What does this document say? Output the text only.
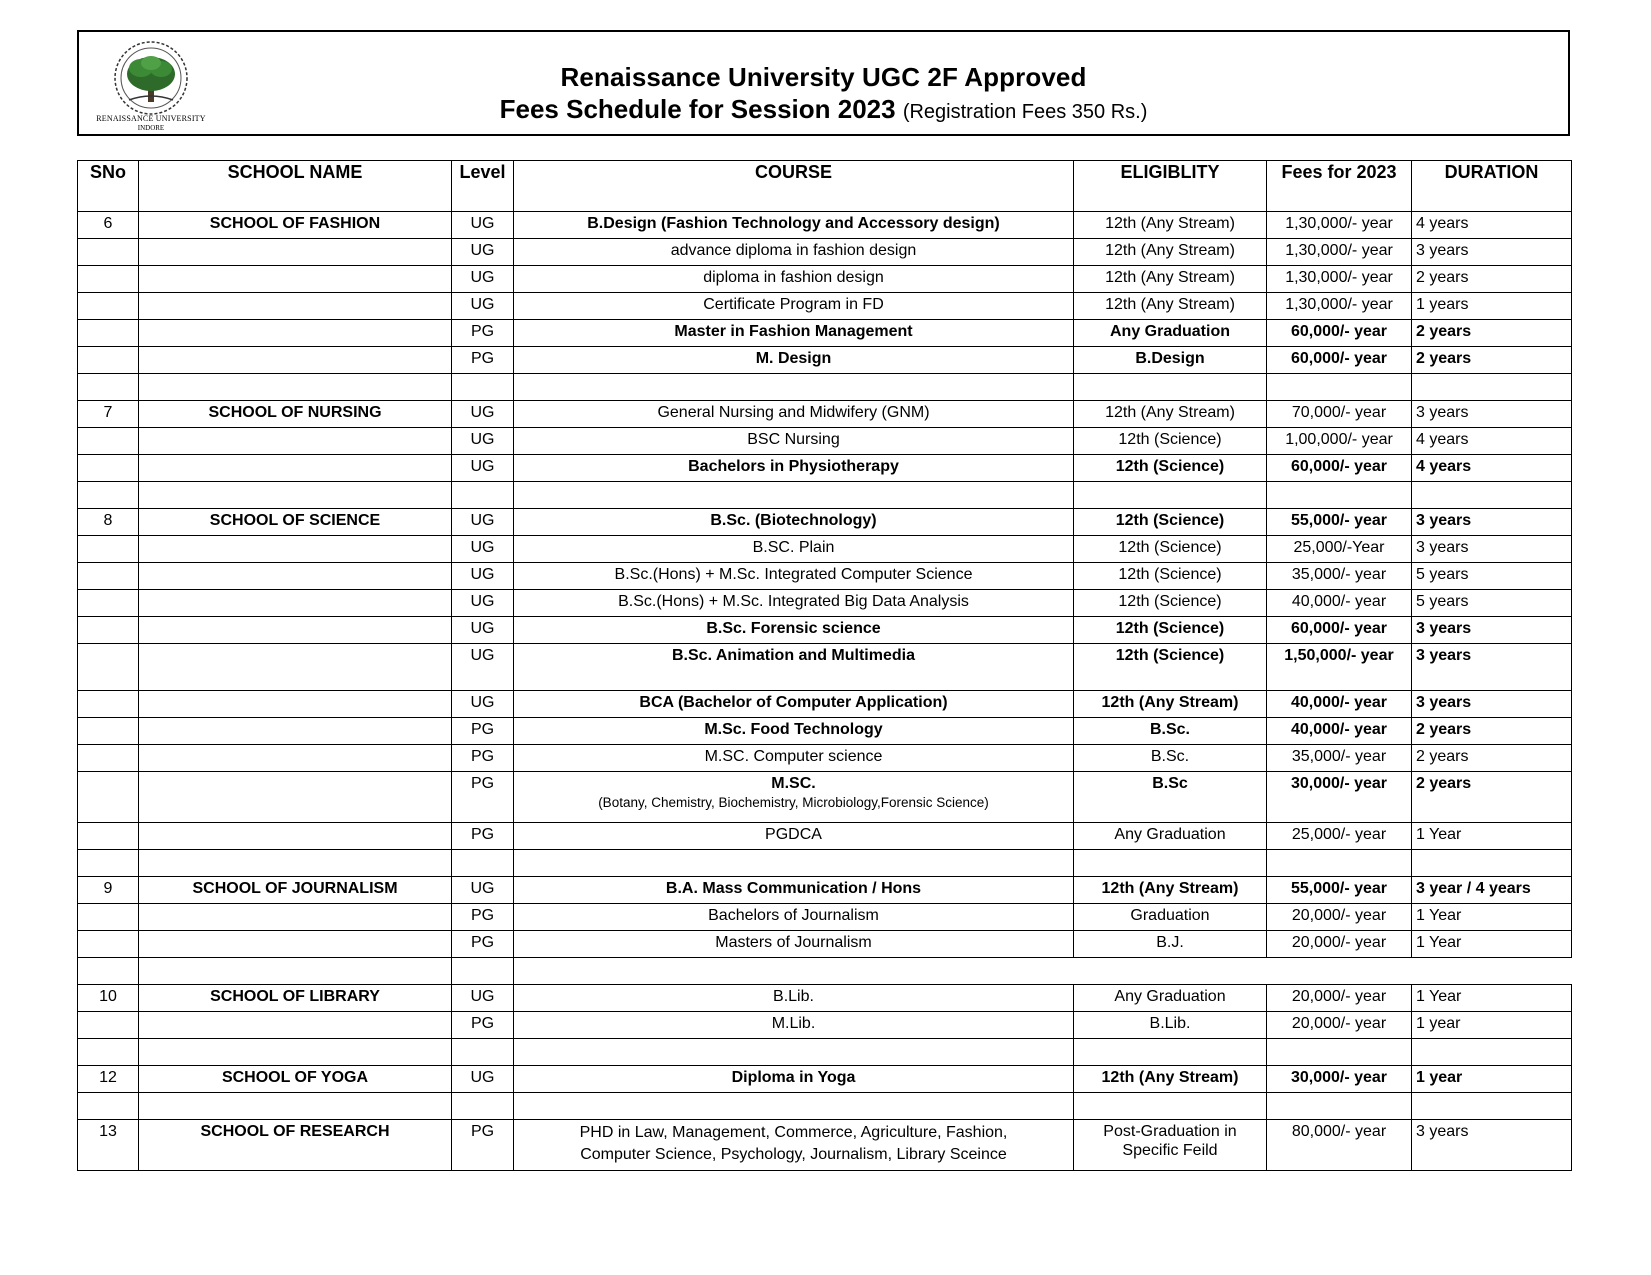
RENAISSANCE UNIVERSITY
INDORE
Renaissance University UGC 2F Approved
Fees Schedule for Session 2023 (Registration Fees 350 Rs.)
SNo	SCHOOL NAME	Level	COURSE	ELIGIBLITY	Fees for 2023	DURATION
6	SCHOOL OF FASHION	UG	B.Design (Fashion Technology and Accessory design)	12th (Any Stream)	1,30,000/- year	4 years
		UG	advance diploma in fashion design	12th (Any Stream)	1,30,000/- year	3 years
		UG	diploma in fashion design	12th (Any Stream)	1,30,000/- year	2 years
		UG	Certificate Program in FD	12th (Any Stream)	1,30,000/- year	1 years
		PG	Master in Fashion Management	Any Graduation	60,000/- year	2 years
		PG	M. Design	B.Design	60,000/- year	2 years

7	SCHOOL OF NURSING	UG	General Nursing and Midwifery (GNM)	12th (Any Stream)	70,000/- year	3 years
		UG	BSC Nursing	12th (Science)	1,00,000/- year	4 years
		UG	Bachelors in Physiotherapy	12th (Science)	60,000/- year	4 years

8	SCHOOL OF SCIENCE	UG	B.Sc. (Biotechnology)	12th (Science)	55,000/- year	3 years
		UG	B.SC. Plain	12th (Science)	25,000/-Year	3 years
		UG	B.Sc.(Hons) + M.Sc. Integrated Computer Science	12th (Science)	35,000/- year	5 years
		UG	B.Sc.(Hons) + M.Sc. Integrated Big Data Analysis	12th (Science)	40,000/- year	5 years
		UG	B.Sc. Forensic science	12th (Science)	60,000/- year	3 years
		UG	B.Sc. Animation and Multimedia	12th (Science)	1,50,000/- year	3 years
		UG	BCA (Bachelor of Computer Application)	12th (Any Stream)	40,000/- year	3 years
		PG	M.Sc. Food Technology	B.Sc.	40,000/- year	2 years
		PG	M.SC. Computer science	B.Sc.	35,000/- year	2 years
		PG	M.SC.
(Botany, Chemistry, Biochemistry, Microbiology,Forensic Science)	B.Sc	30,000/- year	2 years
		PG	PGDCA	Any Graduation	25,000/- year	1 Year

9	SCHOOL OF JOURNALISM	UG	B.A. Mass Communication / Hons	12th (Any Stream)	55,000/- year	3 year / 4 years
		PG	Bachelors of Journalism	Graduation	20,000/- year	1 Year
		PG	Masters of Journalism	B.J.	20,000/- year	1 Year

10	SCHOOL OF LIBRARY	UG	B.Lib.	Any Graduation	20,000/- year	1 Year
		PG	M.Lib.	B.Lib.	20,000/- year	1 year

12	SCHOOL OF YOGA	UG	Diploma in Yoga	12th (Any Stream)	30,000/- year	1 year

13	SCHOOL OF RESEARCH	PG	PHD in Law, Management, Commerce, Agriculture, Fashion,
Computer Science, Psychology, Journalism, Library Sceince	Post-Graduation in
Specific Feild	80,000/- year	3 years
